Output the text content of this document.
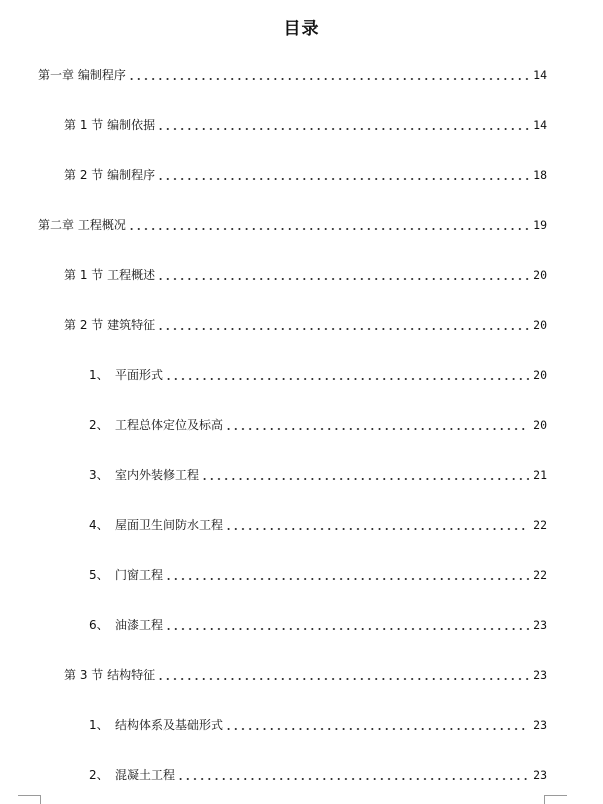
目录
第一章 编制程序	14
第 1 节 编制依据	14
第 2 节 编制程序	18
第二章 工程概况	19
第 1 节 工程概述	20
第 2 节 建筑特征	20
1、 平面形式	20
2、 工程总体定位及标高	20
3、 室内外装修工程	21
4、 屋面卫生间防水工程	22
5、 门窗工程	22
6、 油漆工程	23
第 3 节 结构特征	23
1、 结构体系及基础形式	23
2、 混凝土工程	23
